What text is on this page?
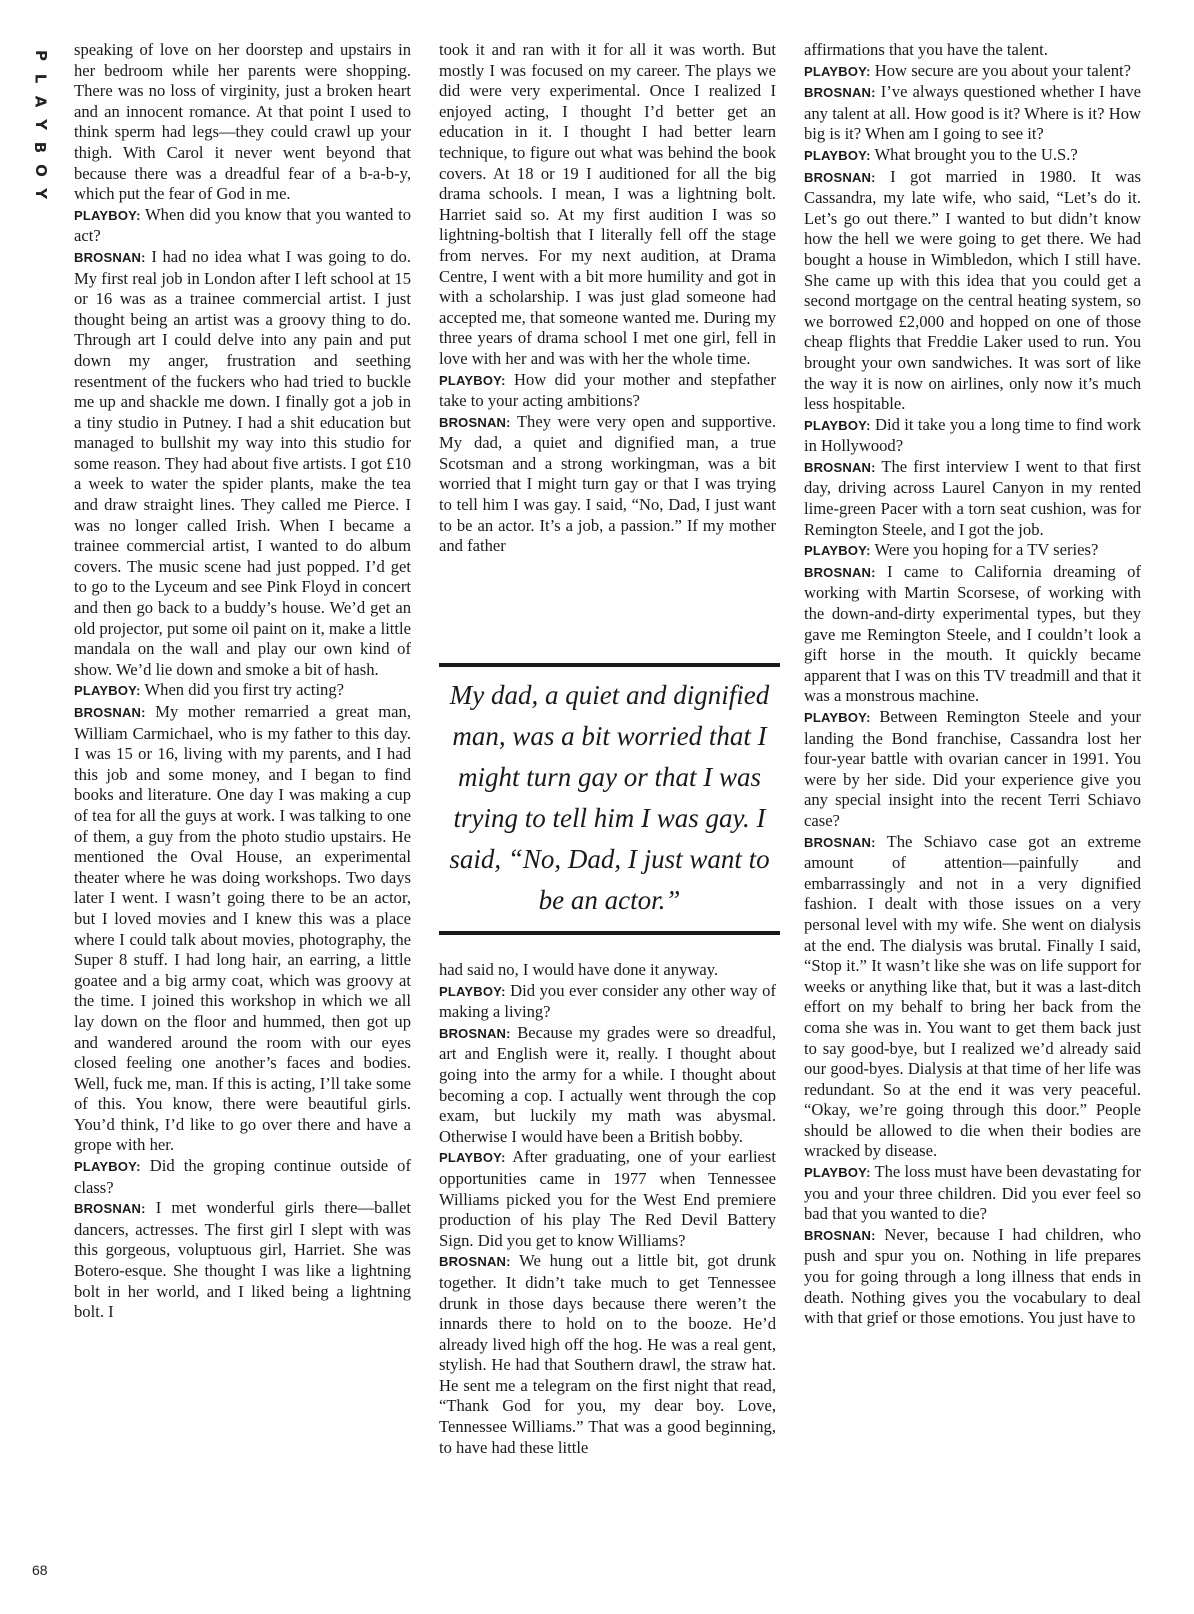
P
L
A
Y
B
O
Y

speaking of love on her doorstep and upstairs in her bedroom while her parents were shopping. There was no loss of virginity, just a broken heart and an innocent romance. At that point I used to think sperm had legs—they could crawl up your thigh. With Carol it never went beyond that because there was a dreadful fear of a b-a-b-y, which put the fear of God in me.

PLAYBOY: When did you know that you wanted to act?

BROSNAN: I had no idea what I was going to do. My first real job in London after I left school at 15 or 16 was as a trainee commercial artist. I just thought being an artist was a groovy thing to do. Through art I could delve into any pain and put down my anger, frustration and seething resentment of the fuckers who had tried to buckle me up and shackle me down. I finally got a job in a tiny studio in Putney. I had a shit education but managed to bullshit my way into this studio for some reason. They had about five artists. I got £10 a week to water the spider plants, make the tea and draw straight lines. They called me Pierce. I was no longer called Irish. When I became a trainee commercial artist, I wanted to do album covers. The music scene had just popped. I’d get to go to the Lyceum and see Pink Floyd in concert and then go back to a buddy’s house. We’d get an old projector, put some oil paint on it, make a little mandala on the wall and play our own kind of show. We’d lie down and smoke a bit of hash.

PLAYBOY: When did you first try acting?

BROSNAN: My mother remarried a great man, William Carmichael, who is my father to this day. I was 15 or 16, living with my parents, and I had this job and some money, and I began to find books and literature. One day I was making a cup of tea for all the guys at work. I was talking to one of them, a guy from the photo studio upstairs. He mentioned the Oval House, an experimental theater where he was doing workshops. Two days later I went. I wasn’t going there to be an actor, but I loved movies and I knew this was a place where I could talk about movies, photography, the Super 8 stuff. I had long hair, an earring, a little goatee and a big army coat, which was groovy at the time. I joined this workshop in which we all lay down on the floor and hummed, then got up and wandered around the room with our eyes closed feeling one another’s faces and bodies. Well, fuck me, man. If this is acting, I’ll take some of this. You know, there were beautiful girls. You’d think, I’d like to go over there and have a grope with her.

PLAYBOY: Did the groping continue outside of class?

BROSNAN: I met wonderful girls there—ballet dancers, actresses. The first girl I slept with was this gorgeous, voluptuous girl, Harriet. She was Botero-esque. She thought I was like a lightning bolt in her world, and I liked being a lightning bolt. I

took it and ran with it for all it was worth. But mostly I was focused on my career. The plays we did were very experimental. Once I realized I enjoyed acting, I thought I’d better get an education in it. I thought I had better learn technique, to figure out what was behind the book covers. At 18 or 19 I auditioned for all the big drama schools. I mean, I was a lightning bolt. Harriet said so. At my first audition I was so lightning-boltish that I literally fell off the stage from nerves. For my next audition, at Drama Centre, I went with a bit more humility and got in with a scholarship. I was just glad someone had accepted me, that someone wanted me. During my three years of drama school I met one girl, fell in love with her and was with her the whole time.

PLAYBOY: How did your mother and stepfather take to your acting ambitions?

BROSNAN: They were very open and supportive. My dad, a quiet and dignified man, a true Scotsman and a strong workingman, was a bit worried that I might turn gay or that I was trying to tell him I was gay. I said, “No, Dad, I just want to be an actor. It’s a job, a passion.” If my mother and father

My dad, a quiet and dignified man, was a bit worried that I might turn gay or that I was trying to tell him I was gay. I said, “No, Dad, I just want to be an actor.”

had said no, I would have done it anyway.

PLAYBOY: Did you ever consider any other way of making a living?

BROSNAN: Because my grades were so dreadful, art and English were it, really. I thought about going into the army for a while. I thought about becoming a cop. I actually went through the cop exam, but luckily my math was abysmal. Otherwise I would have been a British bobby.

PLAYBOY: After graduating, one of your earliest opportunities came in 1977 when Tennessee Williams picked you for the West End premiere production of his play The Red Devil Battery Sign. Did you get to know Williams?

BROSNAN: We hung out a little bit, got drunk together. It didn’t take much to get Tennessee drunk in those days because there weren’t the innards there to hold on to the booze. He’d already lived high off the hog. He was a real gent, stylish. He had that Southern drawl, the straw hat. He sent me a telegram on the first night that read, “Thank God for you, my dear boy. Love, Tennessee Williams.” That was a good beginning, to have had these little

affirmations that you have the talent.

PLAYBOY: How secure are you about your talent?

BROSNAN: I’ve always questioned whether I have any talent at all. How good is it? Where is it? How big is it? When am I going to see it?

PLAYBOY: What brought you to the U.S.?

BROSNAN: I got married in 1980. It was Cassandra, my late wife, who said, “Let’s do it. Let’s go out there.” I wanted to but didn’t know how the hell we were going to get there. We had bought a house in Wimbledon, which I still have. She came up with this idea that you could get a second mortgage on the central heating system, so we borrowed £2,000 and hopped on one of those cheap flights that Freddie Laker used to run. You brought your own sandwiches. It was sort of like the way it is now on airlines, only now it’s much less hospitable.

PLAYBOY: Did it take you a long time to find work in Hollywood?

BROSNAN: The first interview I went to that first day, driving across Laurel Canyon in my rented lime-green Pacer with a torn seat cushion, was for Remington Steele, and I got the job.

PLAYBOY: Were you hoping for a TV series?

BROSNAN: I came to California dreaming of working with Martin Scorsese, of working with the down-and-dirty experimental types, but they gave me Remington Steele, and I couldn’t look a gift horse in the mouth. It quickly became apparent that I was on this TV treadmill and that it was a monstrous machine.

PLAYBOY: Between Remington Steele and your landing the Bond franchise, Cassandra lost her four-year battle with ovarian cancer in 1991. You were by her side. Did your experience give you any special insight into the recent Terri Schiavo case?

BROSNAN: The Schiavo case got an extreme amount of attention—painfully and embarrassingly and not in a very dignified fashion. I dealt with those issues on a very personal level with my wife. She went on dialysis at the end. The dialysis was brutal. Finally I said, “Stop it.” It wasn’t like she was on life support for weeks or anything like that, but it was a last-ditch effort on my behalf to bring her back from the coma she was in. You want to get them back just to say good-bye, but I realized we’d already said our good-byes. Dialysis at that time of her life was redundant. So at the end it was very peaceful. “Okay, we’re going through this door.” People should be allowed to die when their bodies are wracked by disease.

PLAYBOY: The loss must have been devastating for you and your three children. Did you ever feel so bad that you wanted to die?

BROSNAN: Never, because I had children, who push and spur you on. Nothing in life prepares you for going through a long illness that ends in death. Nothing gives you the vocabulary to deal with that grief or those emotions. You just have to

68
